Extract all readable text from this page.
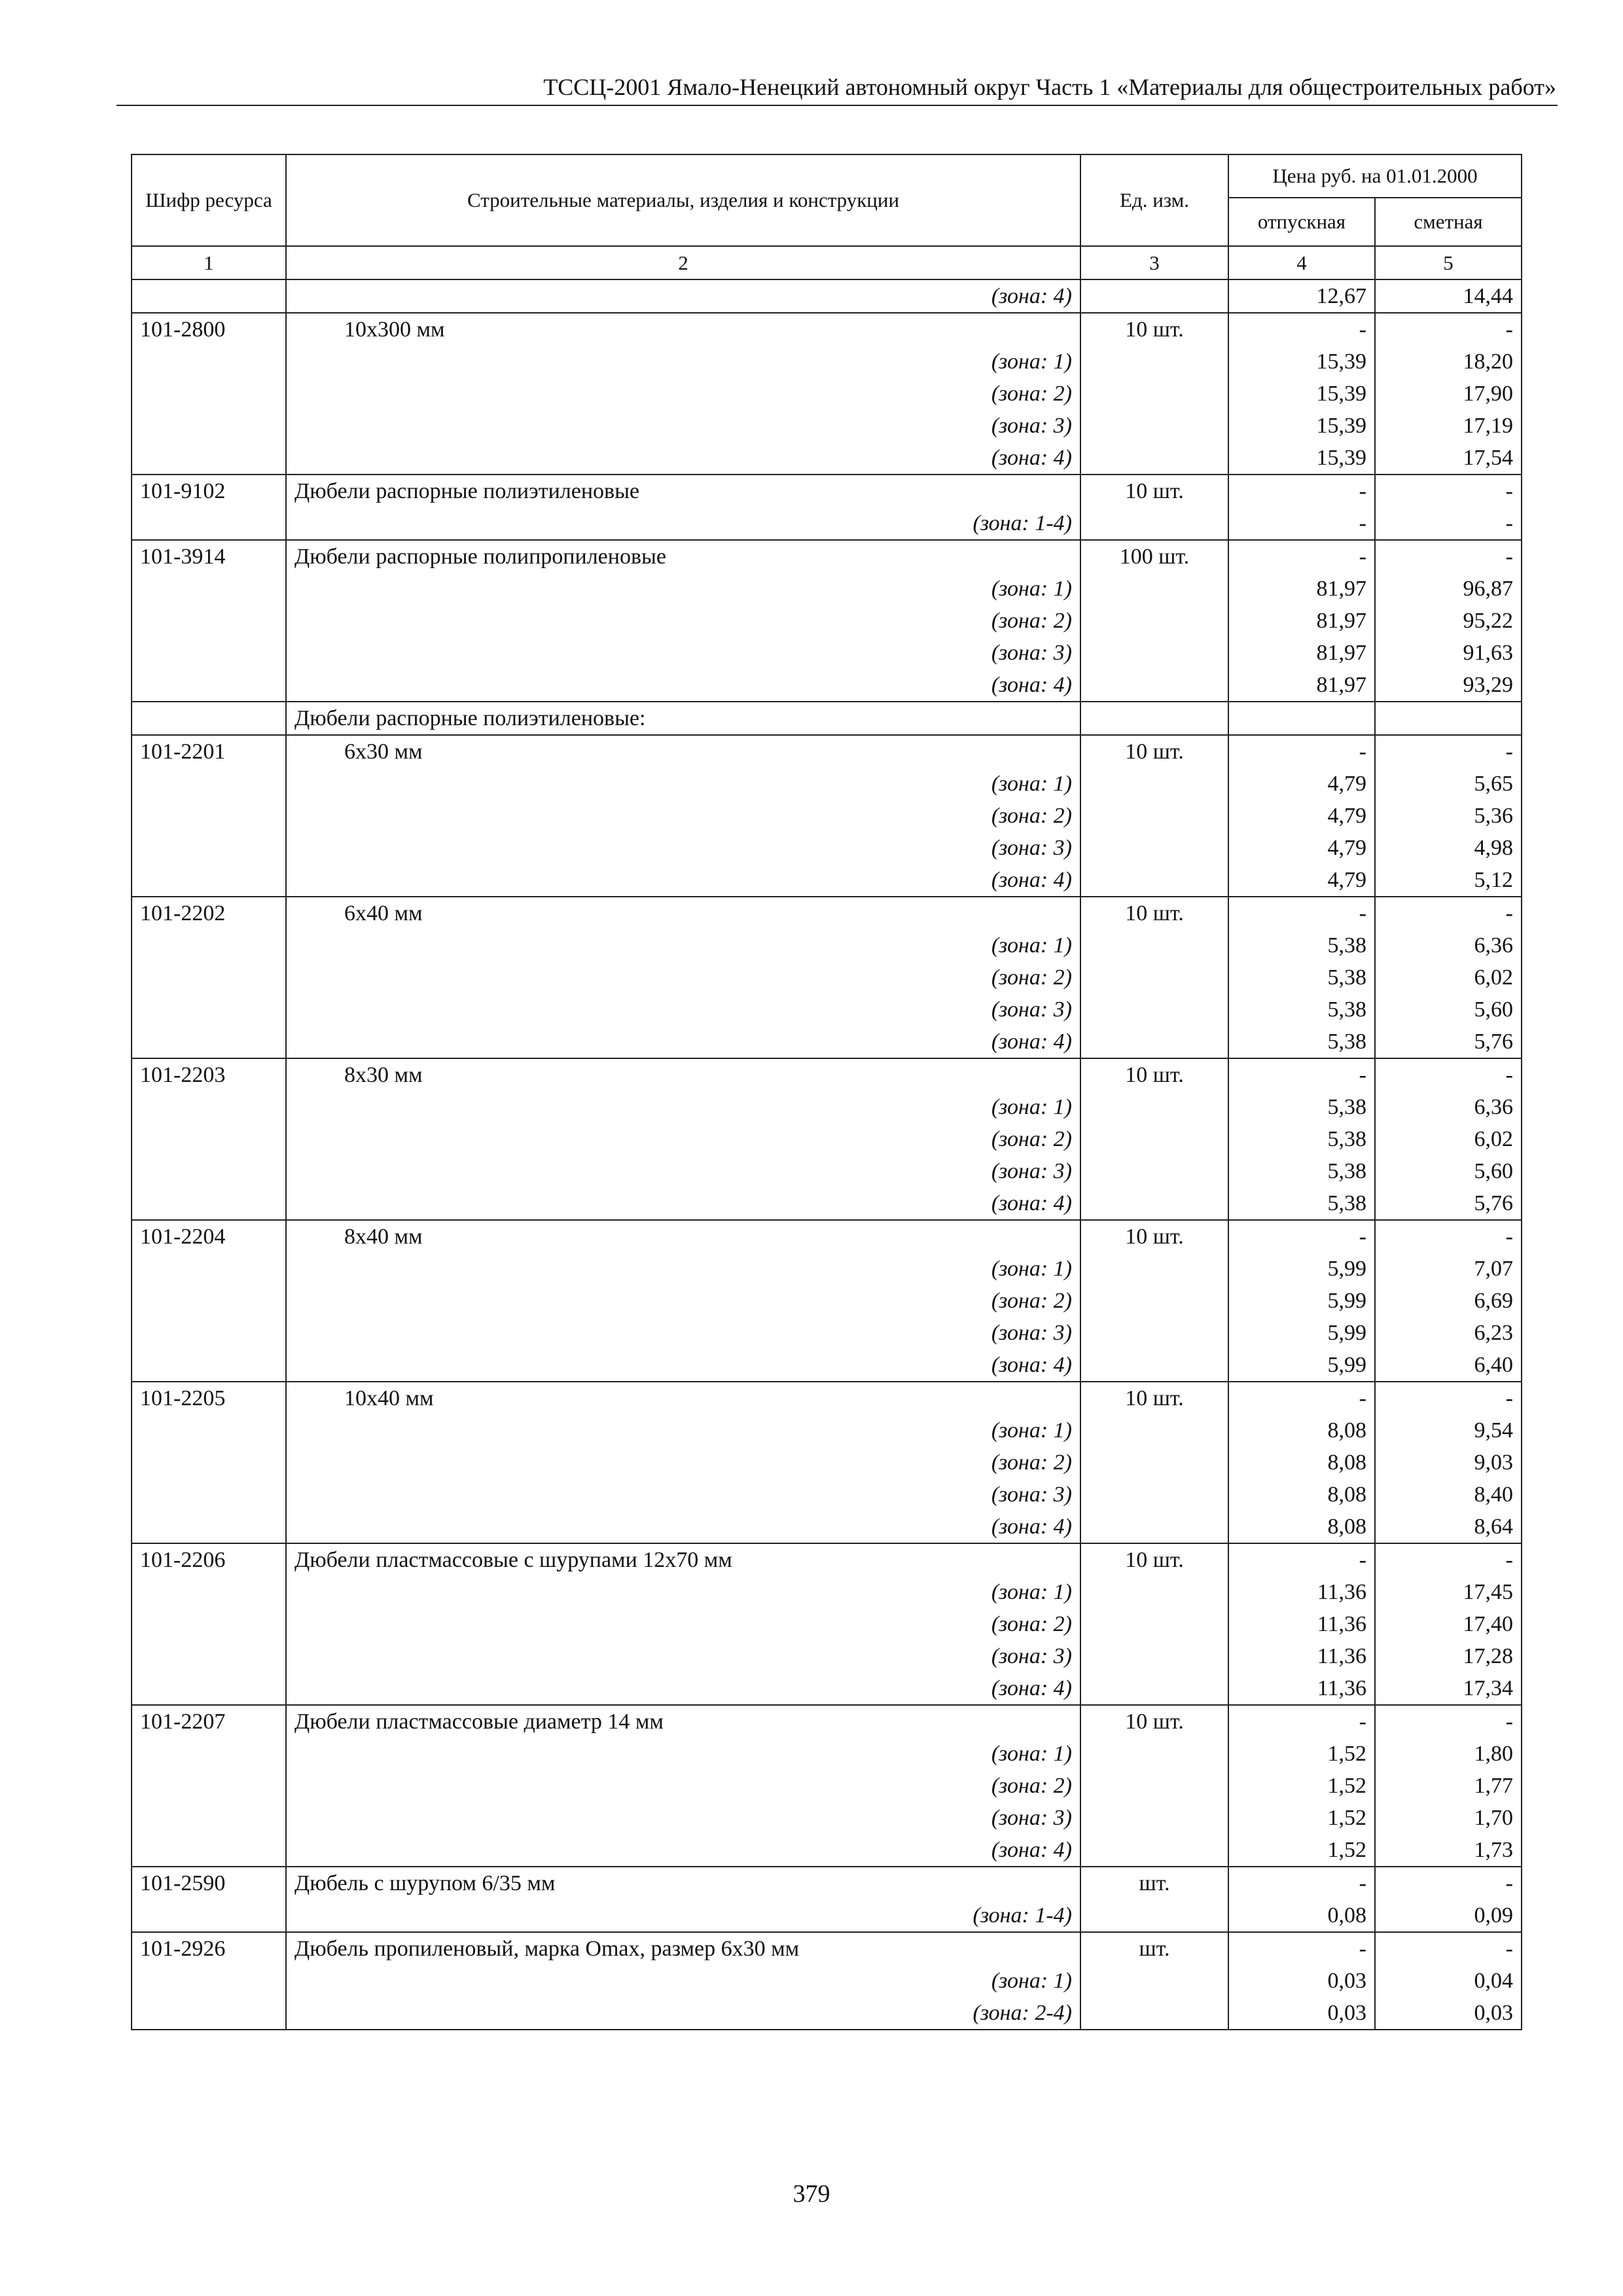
ТССЦ-2001 Ямало-Ненецкий автономный округ Часть 1 «Материалы для общестроительных работ»
Шифр ресурса	Строительные материалы, изделия и конструкции	Ед. изм.	Цена руб. на 01.01.2000	
			отпускная	сметная
1	2	3	4	5
	(зона: 4)		12,67	14,44
101-2800	10x300 мм	10 шт.	-	-
	(зона: 1)		15,39	18,20
	(зона: 2)		15,39	17,90
	(зона: 3)		15,39	17,19
	(зона: 4)		15,39	17,54
101-9102	Дюбели распорные полиэтиленовые	10 шт.	-	-
	(зона: 1-4)		-	-
101-3914	Дюбели распорные полипропиленовые	100 шт.	-	-
	(зона: 1)		81,97	96,87
	(зона: 2)		81,97	95,22
	(зона: 3)		81,97	91,63
	(зона: 4)		81,97	93,29
	Дюбели распорные полиэтиленовые:			
101-2201	6x30 мм	10 шт.	-	-
	(зона: 1)		4,79	5,65
	(зона: 2)		4,79	5,36
	(зона: 3)		4,79	4,98
	(зона: 4)		4,79	5,12
101-2202	6x40 мм	10 шт.	-	-
	(зона: 1)		5,38	6,36
	(зона: 2)		5,38	6,02
	(зона: 3)		5,38	5,60
	(зона: 4)		5,38	5,76
101-2203	8x30 мм	10 шт.	-	-
	(зона: 1)		5,38	6,36
	(зона: 2)		5,38	6,02
	(зона: 3)		5,38	5,60
	(зона: 4)		5,38	5,76
101-2204	8x40 мм	10 шт.	-	-
	(зона: 1)		5,99	7,07
	(зона: 2)		5,99	6,69
	(зона: 3)		5,99	6,23
	(зона: 4)		5,99	6,40
101-2205	10x40 мм	10 шт.	-	-
	(зона: 1)		8,08	9,54
	(зона: 2)		8,08	9,03
	(зона: 3)		8,08	8,40
	(зона: 4)		8,08	8,64
101-2206	Дюбели пластмассовые с шурупами 12x70 мм	10 шт.	-	-
	(зона: 1)		11,36	17,45
	(зона: 2)		11,36	17,40
	(зона: 3)		11,36	17,28
	(зона: 4)		11,36	17,34
101-2207	Дюбели пластмассовые диаметр 14 мм	10 шт.	-	-
	(зона: 1)		1,52	1,80
	(зона: 2)		1,52	1,77
	(зона: 3)		1,52	1,70
	(зона: 4)		1,52	1,73
101-2590	Дюбель с шурупом 6/35 мм	шт.	-	-
	(зона: 1-4)		0,08	0,09
101-2926	Дюбель пропиленовый, марка Omax, размер 6x30 мм	шт.	-	-
	(зона: 1)		0,03	0,04
	(зона: 2-4)		0,03	0,03
379
